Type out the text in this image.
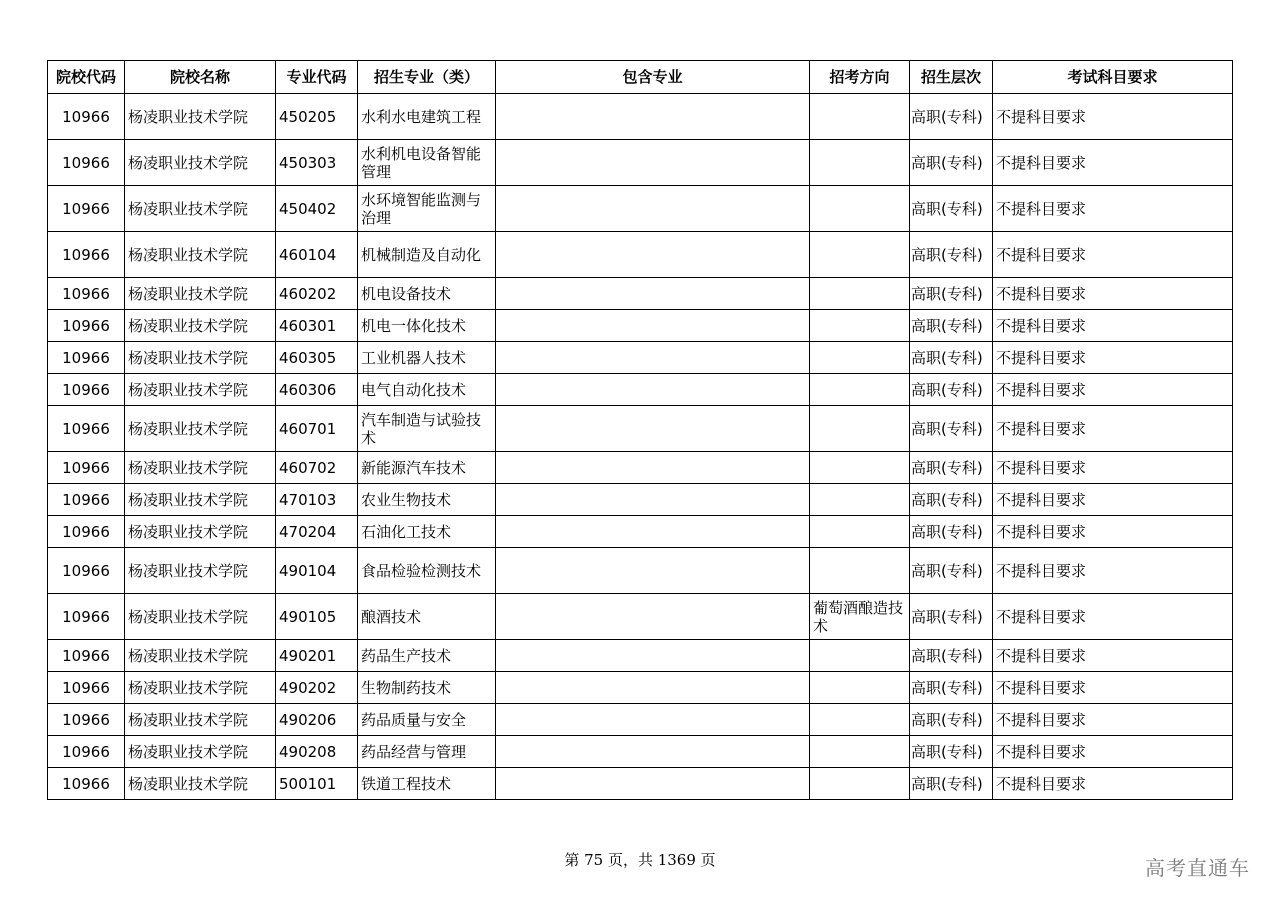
院校代码	院校名称	专业代码	招生专业（类）	包含专业	招考方向	招生层次	考试科目要求
10966	杨凌职业技术学院	450205	水利水电建筑工程			高职(专科)	不提科目要求
10966	杨凌职业技术学院	450303	水利机电设备智能管理			高职(专科)	不提科目要求
10966	杨凌职业技术学院	450402	水环境智能监测与治理			高职(专科)	不提科目要求
10966	杨凌职业技术学院	460104	机械制造及自动化			高职(专科)	不提科目要求
10966	杨凌职业技术学院	460202	机电设备技术			高职(专科)	不提科目要求
10966	杨凌职业技术学院	460301	机电一体化技术			高职(专科)	不提科目要求
10966	杨凌职业技术学院	460305	工业机器人技术			高职(专科)	不提科目要求
10966	杨凌职业技术学院	460306	电气自动化技术			高职(专科)	不提科目要求
10966	杨凌职业技术学院	460701	汽车制造与试验技术			高职(专科)	不提科目要求
10966	杨凌职业技术学院	460702	新能源汽车技术			高职(专科)	不提科目要求
10966	杨凌职业技术学院	470103	农业生物技术			高职(专科)	不提科目要求
10966	杨凌职业技术学院	470204	石油化工技术			高职(专科)	不提科目要求
10966	杨凌职业技术学院	490104	食品检验检测技术			高职(专科)	不提科目要求
10966	杨凌职业技术学院	490105	酿酒技术		葡萄酒酿造技术	高职(专科)	不提科目要求
10966	杨凌职业技术学院	490201	药品生产技术			高职(专科)	不提科目要求
10966	杨凌职业技术学院	490202	生物制药技术			高职(专科)	不提科目要求
10966	杨凌职业技术学院	490206	药品质量与安全			高职(专科)	不提科目要求
10966	杨凌职业技术学院	490208	药品经营与管理			高职(专科)	不提科目要求
10966	杨凌职业技术学院	500101	铁道工程技术			高职(专科)	不提科目要求
第 75 页，共 1369 页	高考直通车
